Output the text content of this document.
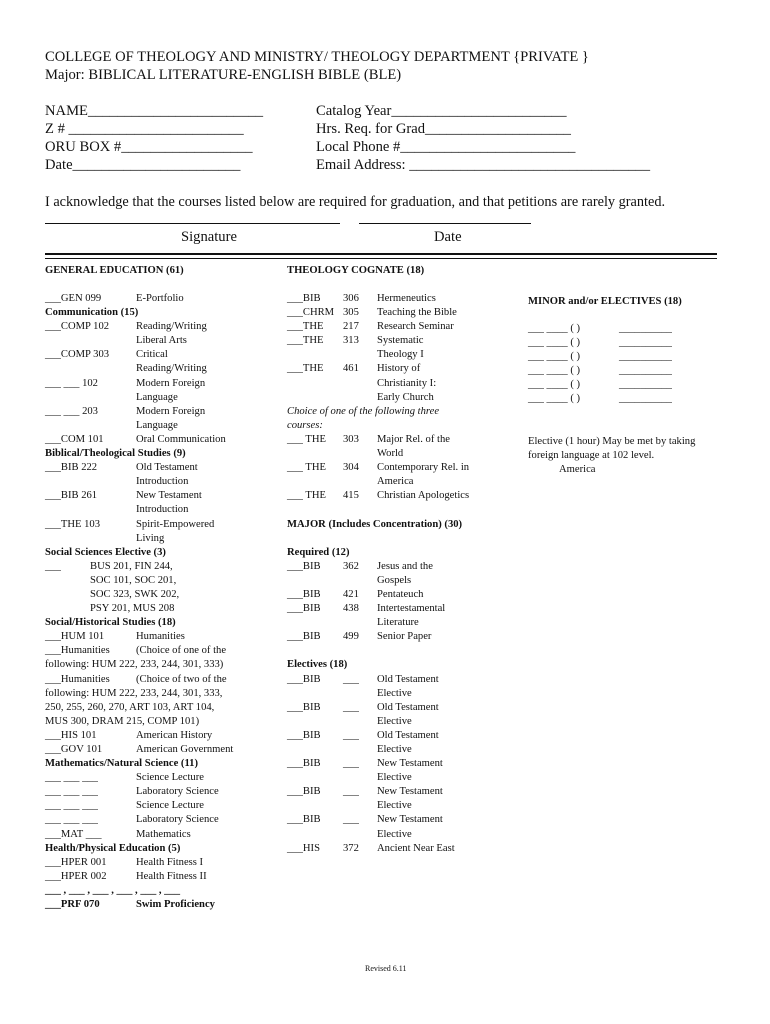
COLLEGE OF THEOLOGY AND MINISTRY/ THEOLOGY DEPARTMENT {PRIVATE }
Major: BIBLICAL LITERATURE-ENGLISH BIBLE (BLE)
NAME________________________
Z # ________________________
ORU BOX #__________________
Date_______________________
Catalog Year________________________
Hrs. Req. for Grad____________________
Local Phone #________________________
Email Address: _________________________________
I acknowledge that the courses listed below are required for graduation, and that petitions are rarely granted.
Signature	Date
GENERAL EDUCATION (61)	THEOLOGY COGNATE (18)
MINOR and/or ELECTIVES (18)
___GEN 099	E-Portfolio
Communication (15)
___COMP 102	Reading/Writing
Liberal Arts
___COMP 303	Critical
Reading/Writing
___ ___ 102	Modern Foreign
Language
___ ___ 203	Modern Foreign
Language
___COM 101	Oral Communication
Biblical/Theological Studies (9)
___BIB 222	Old Testament
Introduction
___BIB 261	New Testament
Introduction
___THE 103	Spirit-Empowered
Living
Social Sciences Elective (3)
___	BUS 201, FIN 244,
SOC 101, SOC 201,
SOC 323, SWK 202,
PSY 201, MUS 208
Social/Historical Studies (18)
___HUM 101	Humanities
___Humanities (Choice of one of the
following: HUM 222, 233, 244, 301, 333)
___Humanities (Choice of two of the
following: HUM 222, 233, 244, 301, 333,
250, 255, 260, 270, ART 103, ART 104,
MUS 300, DRAM 215, COMP 101)
___HIS 101	American History
___GOV 101	American Government
Mathematics/Natural Science (11)
___ ___ ___	Science Lecture
___ ___ ___	Laboratory Science
___ ___ ___	Science Lecture
___ ___ ___	Laboratory Science
___MAT ___	Mathematics
Health/Physical Education (5)
___HPER 001	Health Fitness I
___HPER 002	Health Fitness II
___ , ___ , ___ , ___ , ___ , ___
___PRF 070	Swim Proficiency
___BIB 306 Hermeneutics
___CHRM 305 Teaching the Bible
___THE 217 Research Seminar
___THE 313 Systematic
Theology I
___THE 461 History of
Christianity I:
Early Church
Choice of one of the following three
courses:
___ THE 303 Major Rel. of the
World
___ THE 304 Contemporary Rel. in
America
___ THE 415 Christian Apologetics
MAJOR (Includes Concentration) (30)
Required (12)
___BIB 362 Jesus and the
Gospels
___BIB 421 Pentateuch
___BIB 438 Intertestamental
Literature
___BIB 499 Senior Paper
Electives (18)
___BIB ___ Old Testament
Elective
___BIB ___ Old Testament
Elective
___BIB ___ Old Testament
Elective
___BIB ___ New Testament
Elective
___BIB ___ New Testament
Elective
___BIB ___ New Testament
Elective
___HIS 372 Ancient Near East
___ ____ ( )	__________
___ ____ ( )	__________
___ ____ ( )	__________
___ ____ ( )	__________
___ ____ ( )	__________
___ ____ ( )	__________
Elective (1 hour) May be met by taking
foreign language at 102 level.
America
Revised 6.11
